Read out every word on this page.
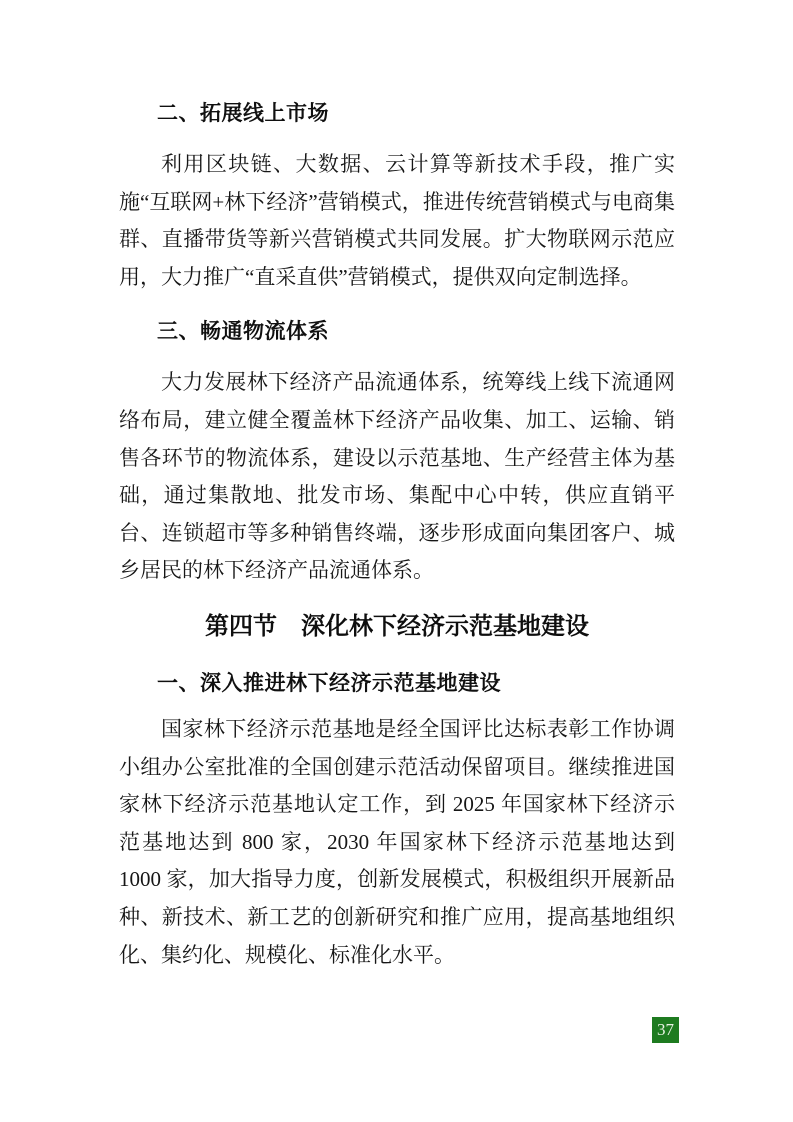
二、拓展线上市场

利用区块链、大数据、云计算等新技术手段，推广实施“互联网+林下经济”营销模式，推进传统营销模式与电商集群、直播带货等新兴营销模式共同发展。扩大物联网示范应用，大力推广“直采直供”营销模式，提供双向定制选择。

三、畅通物流体系

大力发展林下经济产品流通体系，统筹线上线下流通网络布局，建立健全覆盖林下经济产品收集、加工、运输、销售各环节的物流体系，建设以示范基地、生产经营主体为基础，通过集散地、批发市场、集配中心中转，供应直销平台、连锁超市等多种销售终端，逐步形成面向集团客户、城乡居民的林下经济产品流通体系。

第四节　深化林下经济示范基地建设
一、深入推进林下经济示范基地建设

国家林下经济示范基地是经全国评比达标表彰工作协调小组办公室批准的全国创建示范活动保留项目。继续推进国家林下经济示范基地认定工作，到 2025 年国家林下经济示范基地达到 800 家，2030 年国家林下经济示范基地达到 1000 家，加大指导力度，创新发展模式，积极组织开展新品种、新技术、新工艺的创新研究和推广应用，提高基地组织化、集约化、规模化、标准化水平。

37
